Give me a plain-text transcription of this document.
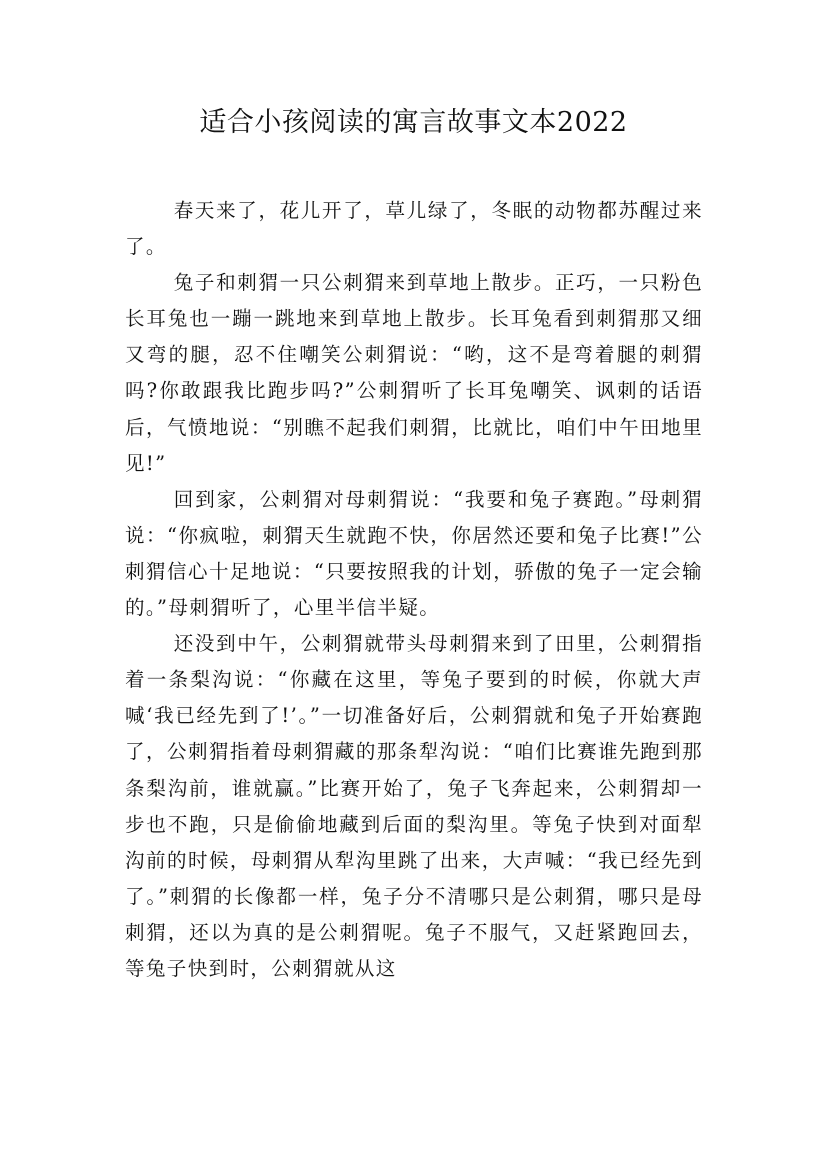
适合小孩阅读的寓言故事文本2022

春天来了，花儿开了，草儿绿了，冬眠的动物都苏醒过来了。

兔子和刺猬一只公刺猬来到草地上散步。正巧，一只粉色长耳兔也一蹦一跳地来到草地上散步。长耳兔看到刺猬那又细又弯的腿，忍不住嘲笑公刺猬说：“哟，这不是弯着腿的刺猬吗?你敢跟我比跑步吗?”公刺猬听了长耳兔嘲笑、讽刺的话语后，气愤地说：“别瞧不起我们刺猬，比就比，咱们中午田地里见!”

回到家，公刺猬对母刺猬说：“我要和兔子赛跑。”母刺猬说：“你疯啦，刺猬天生就跑不快，你居然还要和兔子比赛!”公刺猬信心十足地说：“只要按照我的计划，骄傲的兔子一定会输的。”母刺猬听了，心里半信半疑。

还没到中午，公刺猬就带头母刺猬来到了田里，公刺猬指着一条梨沟说：“你藏在这里，等兔子要到的时候，你就大声喊‘我已经先到了!’。”一切准备好后，公刺猬就和兔子开始赛跑了，公刺猬指着母刺猬藏的那条犁沟说：“咱们比赛谁先跑到那条梨沟前，谁就赢。”比赛开始了，兔子飞奔起来，公刺猬却一步也不跑，只是偷偷地藏到后面的梨沟里。等兔子快到对面犁沟前的时候，母刺猬从犁沟里跳了出来，大声喊：“我已经先到了。”刺猬的长像都一样，兔子分不清哪只是公刺猬，哪只是母刺猬，还以为真的是公刺猬呢。兔子不服气，又赶紧跑回去，等兔子快到时，公刺猬就从这
